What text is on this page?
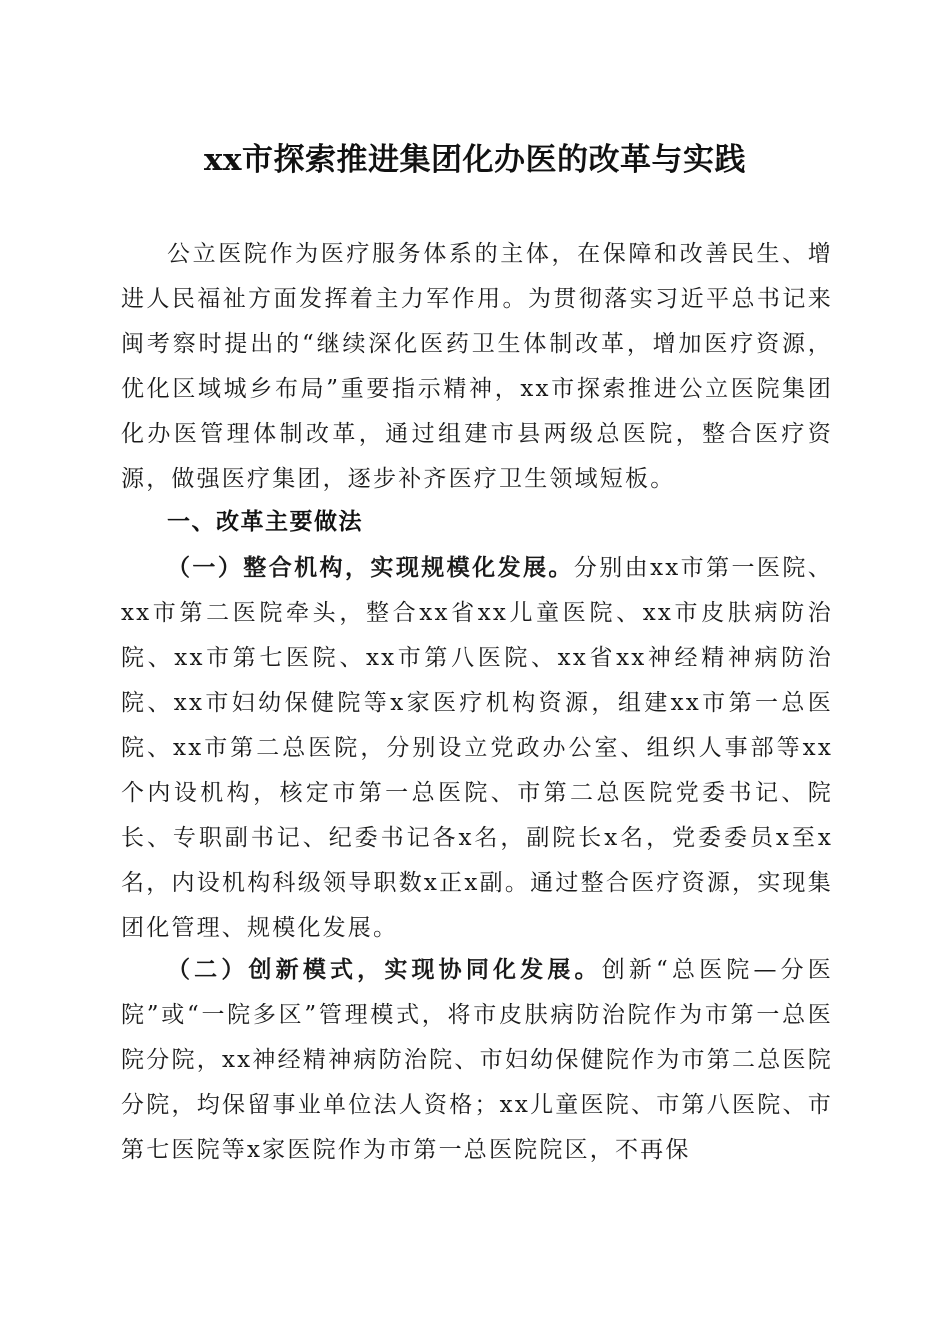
xx市探索推进集团化办医的改革与实践
公立医院作为医疗服务体系的主体，在保障和改善民生、增进人民福祉方面发挥着主力军作用。为贯彻落实习近平总书记来闽考察时提出的“继续深化医药卫生体制改革，增加医疗资源，优化区域城乡布局”重要指示精神，xx市探索推进公立医院集团化办医管理体制改革，通过组建市县两级总医院，整合医疗资源，做强医疗集团，逐步补齐医疗卫生领域短板。
一、改革主要做法
（一）整合机构，实现规模化发展。分别由xx市第一医院、xx市第二医院牵头，整合xx省xx儿童医院、xx市皮肤病防治院、xx市第七医院、xx市第八医院、xx省xx神经精神病防治院、xx市妇幼保健院等x家医疗机构资源，组建xx市第一总医院、xx市第二总医院，分别设立党政办公室、组织人事部等xx个内设机构，核定市第一总医院、市第二总医院党委书记、院长、专职副书记、纪委书记各x名，副院长x名，党委委员x至x名，内设机构科级领导职数x正x副。通过整合医疗资源，实现集团化管理、规模化发展。
（二）创新模式，实现协同化发展。创新“总医院—分医院”或“一院多区”管理模式，将市皮肤病防治院作为市第一总医院分院，xx神经精神病防治院、市妇幼保健院作为市第二总医院分院，均保留事业单位法人资格；xx儿童医院、市第八医院、市第七医院等x家医院作为市第一总医院院区，不再保
